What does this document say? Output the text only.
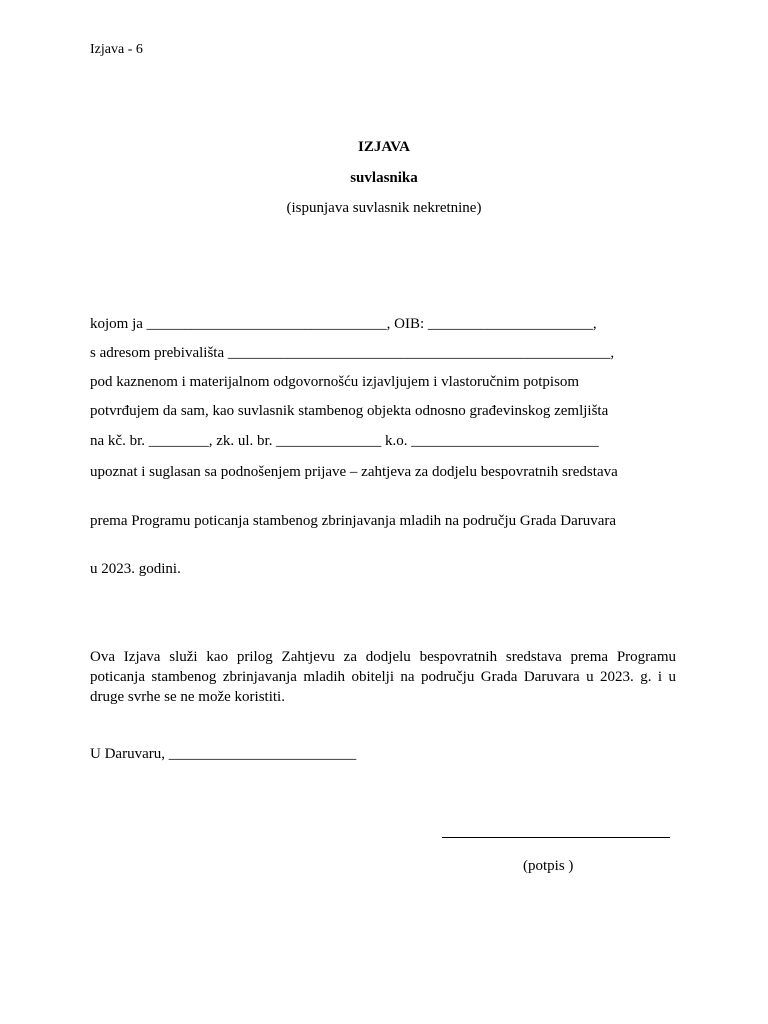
Izjava - 6
IZJAVA
suvlasnika
(ispunjava suvlasnik nekretnine)
kojom ja ________________________________, OIB: ______________________,
s adresom prebivališta ___________________________________________________,
pod kaznenom i materijalnom odgovornošću izjavljujem i vlastoručnim potpisom
potvrđujem da sam, kao suvlasnik stambenog objekta odnosno građevinskog zemljišta
na kč. br. ________, zk. ul. br. ______________ k.o. _________________________
upoznat i suglasan sa podnošenjem prijave – zahtjeva za dodjelu bespovratnih sredstava
prema Programu poticanja stambenog zbrinjavanja mladih na području Grada Daruvara
u 2023. godini.
Ova Izjava služi kao prilog Zahtjevu za dodjelu bespovratnih sredstava prema Programu poticanja stambenog zbrinjavanja mladih obitelji na području Grada Daruvara u 2023. g. i u druge svrhe se ne može koristiti.
U Daruvaru, _________________________
(potpis )
